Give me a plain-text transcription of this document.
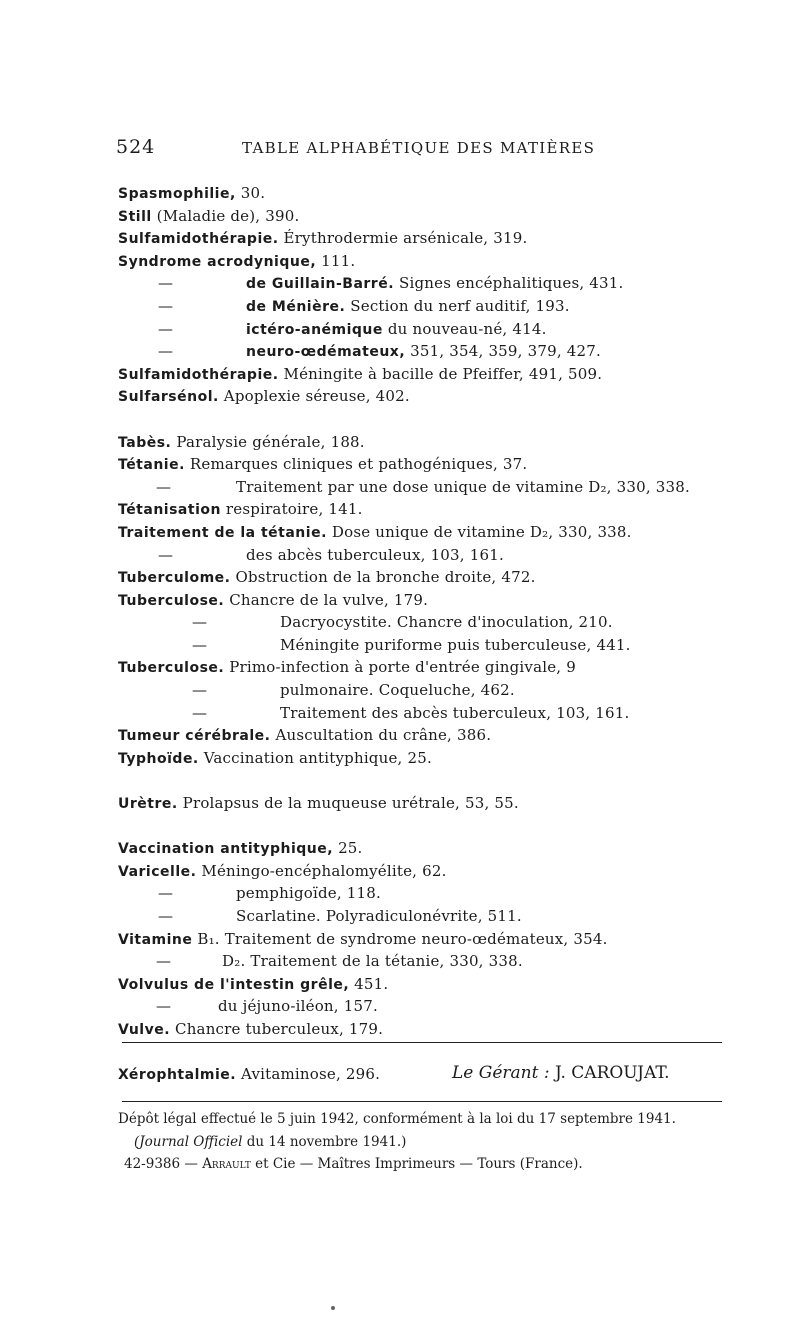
524	TABLE ALPHABÉTIQUE DES MATIÈRES
Spasmophilie, 30.
Still (Maladie de), 390.
Sulfamidothérapie. Érythrodermie arsénicale, 319.
Syndrome acrodynique, 111.
—	de Guillain-Barré. Signes encéphalitiques, 431.
—	de Ménière. Section du nerf auditif, 193.
—	ictéro-anémique du nouveau-né, 414.
—	neuro-œdémateux, 351, 354, 359, 379, 427.
Sulfamidothérapie. Méningite à bacille de Pfeiffer, 491, 509.
Sulfarsénol. Apoplexie séreuse, 402.
Tabès. Paralysie générale, 188.
Tétanie. Remarques cliniques et pathogéniques, 37.
—	Traitement par une dose unique de vitamine D₂, 330, 338.
Tétanisation respiratoire, 141.
Traitement de la tétanie. Dose unique de vitamine D₂, 330, 338.
—	des abcès tuberculeux, 103, 161.
Tuberculome. Obstruction de la bronche droite, 472.
Tuberculose. Chancre de la vulve, 179.
—	Dacryocystite. Chancre d'inoculation, 210.
—	Méningite puriforme puis tuberculeuse, 441.
Tuberculose. Primo-infection à porte d'entrée gingivale, 9
—	pulmonaire. Coqueluche, 462.
—	Traitement des abcès tuberculeux, 103, 161.
Tumeur cérébrale. Auscultation du crâne, 386.
Typhoïde. Vaccination antityphique, 25.
Urètre. Prolapsus de la muqueuse urétrale, 53, 55.
Vaccination antityphique, 25.
Varicelle. Méningo-encéphalomyélite, 62.
—	pemphigoïde, 118.
—	Scarlatine. Polyradiculonévrite, 511.
Vitamine B₁. Traitement de syndrome neuro-œdémateux, 354.
—	D₂. Traitement de la tétanie, 330, 338.
Volvulus de l'intestin grêle, 451.
—	du jéjuno-iléon, 157.
Vulve. Chancre tuberculeux, 179.
Xérophtalmie. Avitaminose, 296.	Le Gérant : J. CAROUJAT.
Dépôt légal effectué le 5 juin 1942, conformément à la loi du 17 septembre 1941.
(Journal Officiel du 14 novembre 1941.)
42-9386 — Arrault et Cie — Maîtres Imprimeurs — Tours (France).
